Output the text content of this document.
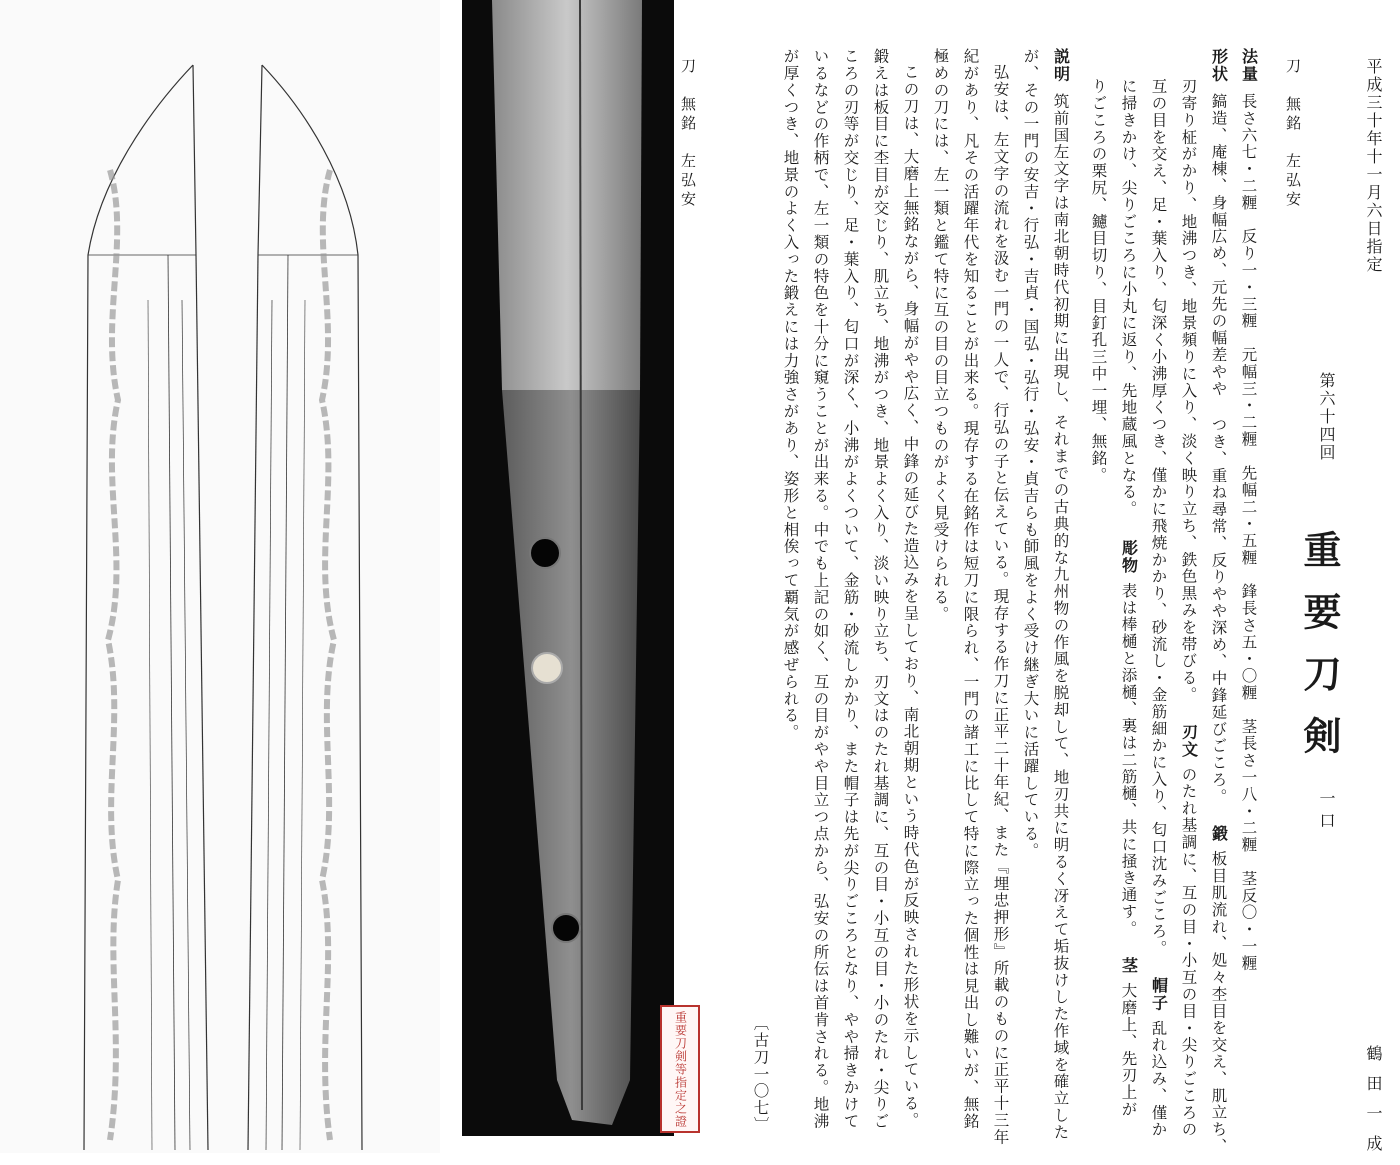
刀　無銘　左弘安
重要刀剣等指定之證
平成三十年十一月六日指定
鶴田一成
第六十四回
重要刀剣
一口
刀　無銘　左弘安
法量長さ六七・二糎　反り一・三糎　元幅三・二糎　先幅二・五糎　鋒長さ五・〇糎　茎長さ一八・二糎　茎反〇・一糎
形状鎬造、庵棟、身幅広め、元先の幅差やや つき、重ね尋常、反りやや深め、中鋒延びごころ。鍛板目肌流れ、処々杢目を交え、肌立ち、
刃寄り柾がかり、地沸つき、地景頻りに入り、淡く映り立ち、鉄色黒みを帯びる。刃文のたれ基調に、互の目・小互の目・尖りごころの
互の目を交え、足・葉入り、匂深く小沸厚くつき、僅かに飛焼かかり、砂流し・金筋細かに入り、匂口沈みごころ。帽子乱れ込み、僅か
に掃きかけ、尖りごころに小丸に返り、先地蔵風となる。彫物表は棒樋と添樋、裏は二筋樋、共に掻き通す。茎大磨上、先刃上が
りごころの栗尻、鑢目切り、目釘孔三中一埋、無銘。
説明筑前国左文字は南北朝時代初期に出現し、それまでの古典的な九州物の作風を脱却して、地刃共に明るく冴えて垢抜けした作域を確立した
が、その一門の安吉・行弘・吉貞・国弘・弘行・弘安・貞吉らも師風をよく受け継ぎ大いに活躍している。
弘安は、左文字の流れを汲む一門の一人で、行弘の子と伝えている。現存する作刀に正平二十年紀、また『埋忠押形』所載のものに正平十三年
紀があり、凡その活躍年代を知ることが出来る。現存する在銘作は短刀に限られ、一門の諸工に比して特に際立った個性は見出し難いが、無銘
極めの刀には、左一類と鑑て特に互の目の目立つものがよく見受けられる。
この刀は、大磨上無銘ながら、身幅がやや広く、中鋒の延びた造込みを呈しており、南北朝期という時代色が反映された形状を示している。
鍛えは板目に杢目が交じり、肌立ち、地沸がつき、地景よく入り、淡い映り立ち、刃文はのたれ基調に、互の目・小互の目・小のたれ・尖りご
ころの刃等が交じり、足・葉入り、匂口が深く、小沸がよくついて、金筋・砂流しかかり、また帽子は先が尖りごころとなり、やや掃きかけて
いるなどの作柄で、左一類の特色を十分に窺うことが出来る。中でも上記の如く、互の目がやや目立つ点から、弘安の所伝は首肯される。地沸
が厚くつき、地景のよく入った鍛えには力強さがあり、姿形と相俟って覇気が感ぜられる。
〔古刀一〇七〕
